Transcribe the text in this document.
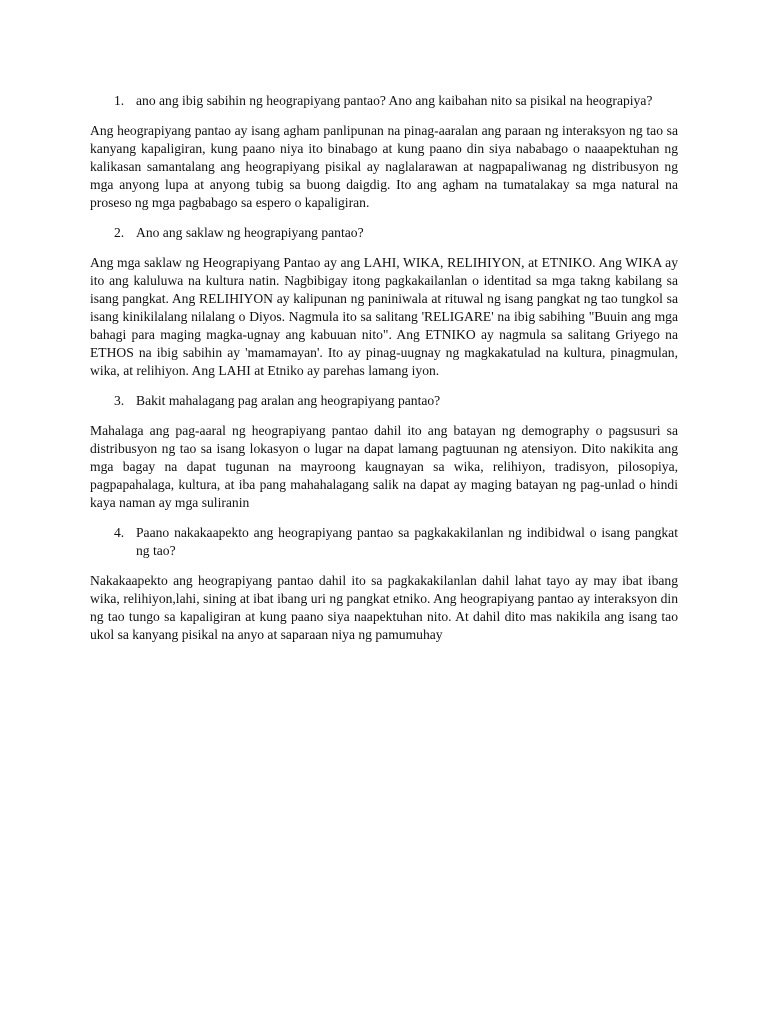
1. ano ang ibig sabihin ng heograpiyang pantao? Ano ang kaibahan nito sa pisikal na heograpiya?

Ang heograpiyang pantao ay isang agham panlipunan na pinag-aaralan ang paraan ng interaksyon ng tao sa kanyang kapaligiran, kung paano niya ito binabago at kung paano din siya nababago o naaapektuhan ng kalikasan samantalang ang heograpiyang pisikal ay naglalarawan at nagpapaliwanag ng distribusyon ng mga anyong lupa at anyong tubig sa buong daigdig. Ito ang agham na tumatalakay sa mga natural na proseso ng mga pagbabago sa espero o kapaligiran.

2. Ano ang saklaw ng heograpiyang pantao?

Ang mga saklaw ng Heograpiyang Pantao ay ang LAHI, WIKA, RELIHIYON, at ETNIKO. Ang WIKA ay ito ang kaluluwa na kultura natin. Nagbibigay itong pagkakailanlan o identitad sa mga takng kabilang sa isang pangkat. Ang RELIHIYON ay kalipunan ng paniniwala at rituwal ng isang pangkat ng tao tungkol sa isang kinikilalang nilalang o Diyos. Nagmula ito sa salitang 'RELIGARE' na ibig sabihing "Buuin ang mga bahagi para maging magka-ugnay ang kabuuan nito". Ang ETNIKO ay nagmula sa salitang Griyego na ETHOS na ibig sabihin ay 'mamamayan'. Ito ay pinag-uugnay ng magkakatulad na kultura, pinagmulan, wika, at relihiyon. Ang LAHI at Etniko ay parehas lamang iyon.

3. Bakit mahalagang pag aralan ang heograpiyang pantao?

Mahalaga ang pag-aaral ng heograpiyang pantao dahil ito ang batayan ng demography o pagsusuri sa distribusyon ng tao sa isang lokasyon o lugar na dapat lamang pagtuunan ng atensiyon. Dito nakikita ang mga bagay na dapat tugunan na mayroong kaugnayan sa wika, relihiyon, tradisyon, pilosopiya, pagpapahalaga, kultura, at iba pang mahahalagang salik na dapat ay maging batayan ng pag-unlad o hindi kaya naman ay mga suliranin

4. Paano nakakaapekto ang heograpiyang pantao sa pagkakakilanlan ng indibidwal o isang pangkat ng tao?

Nakakaapekto ang heograpiyang pantao dahil ito sa pagkakakilanlan dahil lahat tayo ay may ibat ibang wika, relihiyon,lahi, sining at ibat ibang uri ng pangkat etniko. Ang heograpiyang pantao ay interaksyon din ng tao tungo sa kapaligiran at kung paano siya naapektuhan nito. At dahil dito mas nakikila ang isang tao ukol sa kanyang pisikal na anyo at saparaan niya ng pamumuhay
